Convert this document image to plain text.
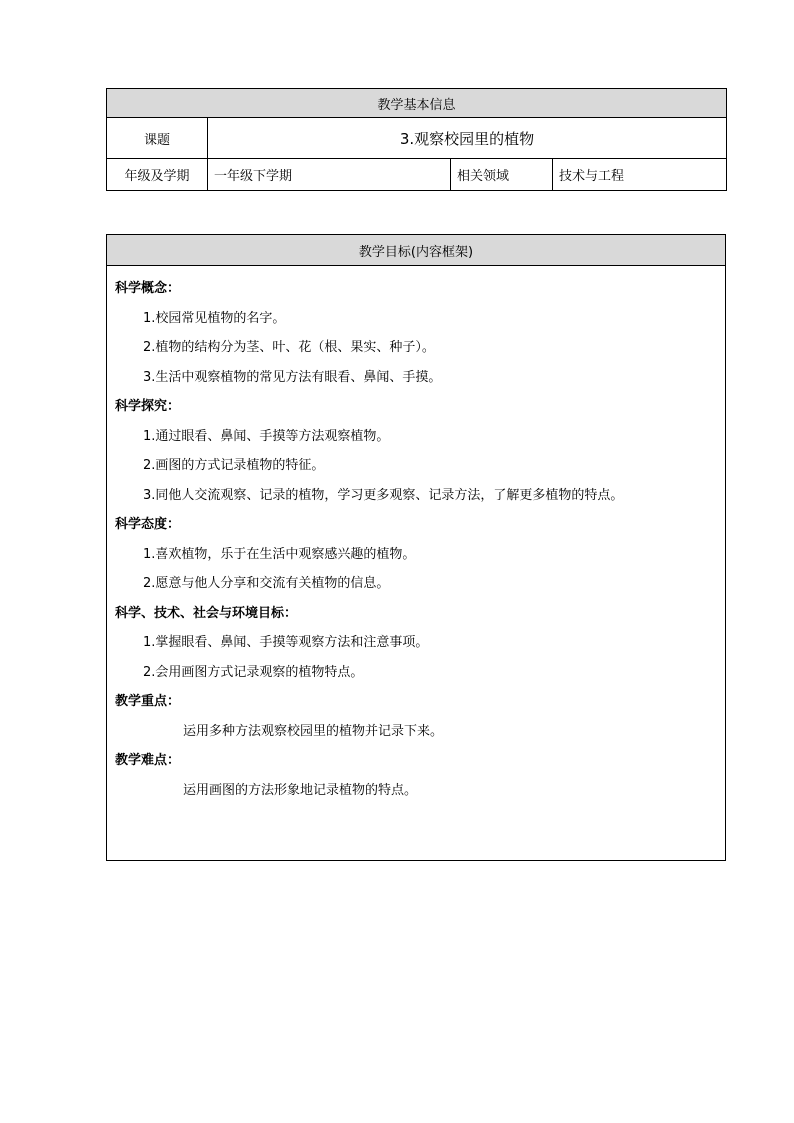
教学基本信息			
课题	3.观察校园里的植物		
年级及学期	一年级下学期	相关领域	技术与工程
教学目标(内容框架)

科学概念：
1.校园常见植物的名字。
2.植物的结构分为茎、叶、花（根、果实、种子）。
3.生活中观察植物的常见方法有眼看、鼻闻、手摸。
科学探究：
1.通过眼看、鼻闻、手摸等方法观察植物。
2.画图的方式记录植物的特征。
3.同他人交流观察、记录的植物，学习更多观察、记录方法，了解更多植物的特点。
科学态度：
1.喜欢植物，乐于在生活中观察感兴趣的植物。
2.愿意与他人分享和交流有关植物的信息。
科学、技术、社会与环境目标：
1.掌握眼看、鼻闻、手摸等观察方法和注意事项。
2.会用画图方式记录观察的植物特点。
教学重点：
运用多种方法观察校园里的植物并记录下来。
教学难点：
运用画图的方法形象地记录植物的特点。
